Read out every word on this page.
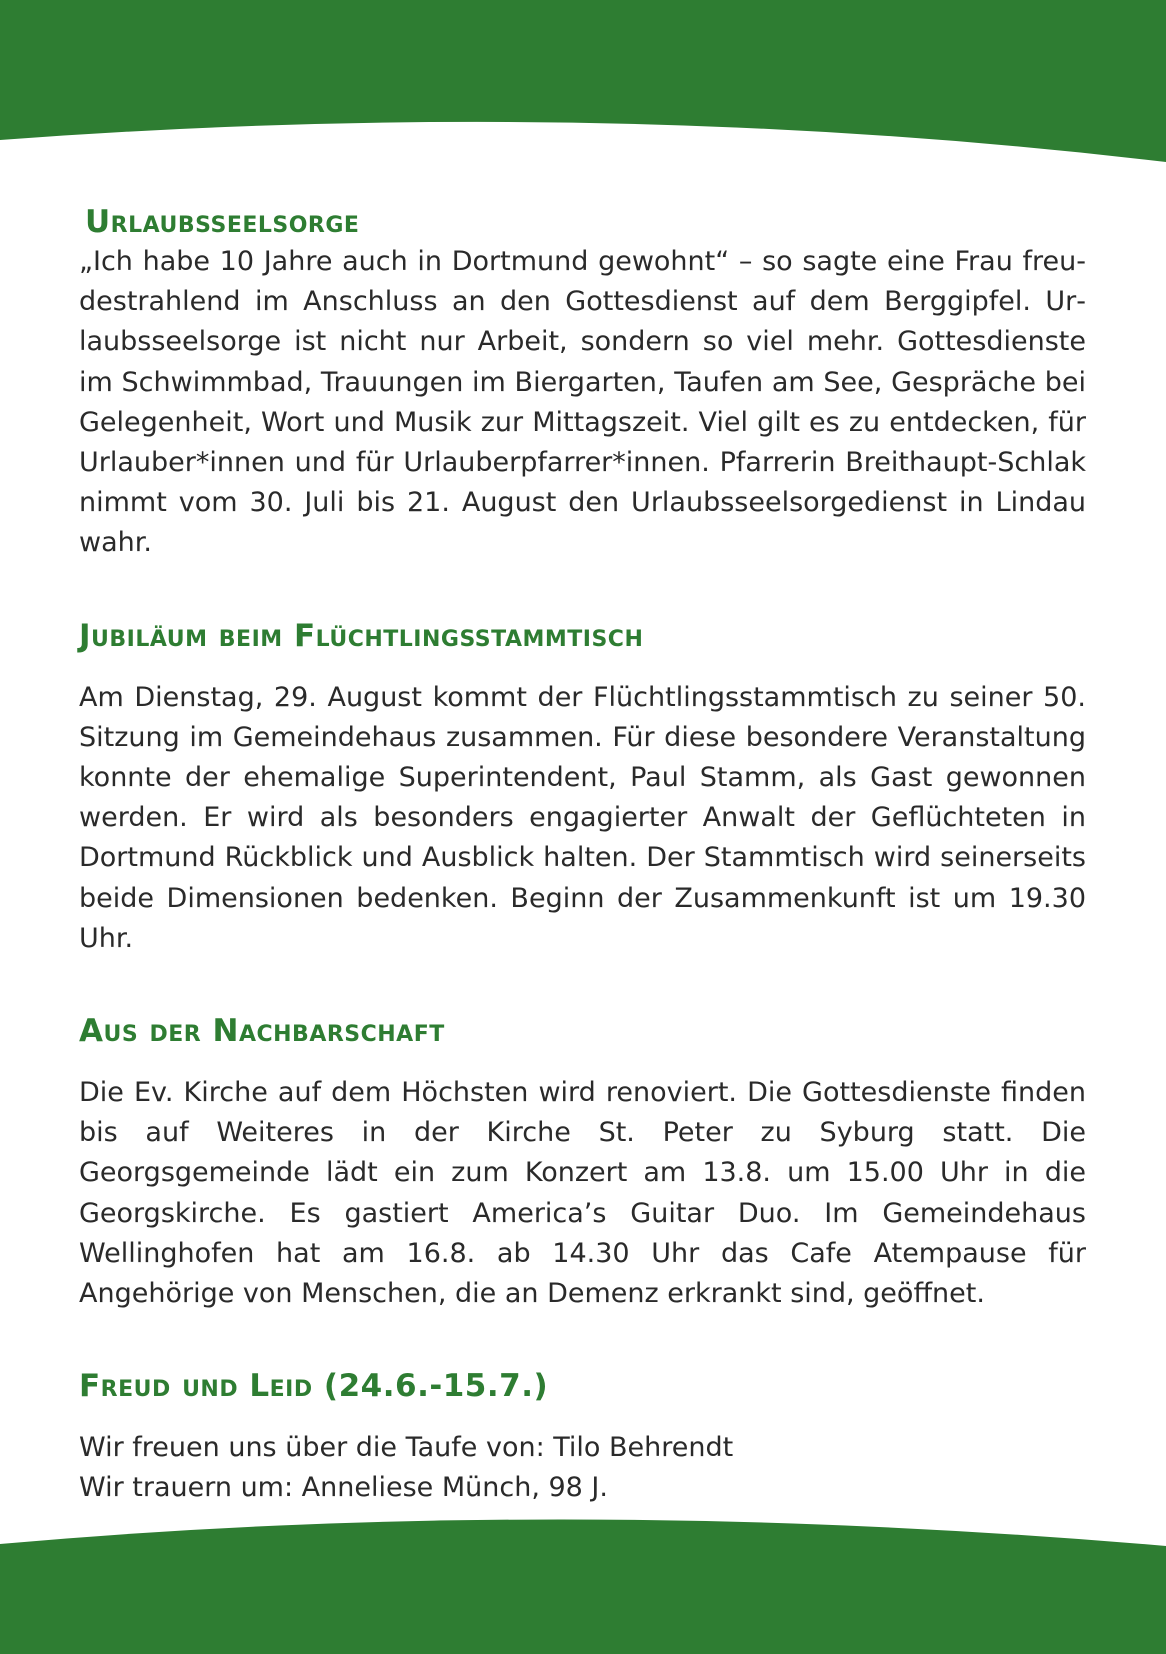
Urlaubsseelsorge

„Ich habe 10 Jahre auch in Dortmund gewohnt“ – so sagte eine Frau freudestrahlend im Anschluss an den Gottesdienst auf dem Berggipfel. Urlaubsseelsorge ist nicht nur Arbeit, sondern so viel mehr. Gottesdienste im Schwimmbad, Trauungen im Biergarten, Taufen am See, Gespräche bei Gelegenheit, Wort und Musik zur Mittagszeit. Viel gilt es zu entdecken, für Urlauber*innen und für Urlauberpfarrer*innen. Pfarrerin Breithaupt-Schlak nimmt vom 30. Juli bis 21. August den Urlaubsseelsorgedienst in Lindau wahr.

Jubiläum beim Flüchtlingsstammtisch

Am Dienstag, 29. August kommt der Flüchtlingsstammtisch zu seiner 50. Sitzung im Gemeindehaus zusammen. Für diese besondere Veranstaltung konnte der ehemalige Superintendent, Paul Stamm, als Gast gewonnen werden. Er wird als besonders engagierter Anwalt der Geflüchteten in Dortmund Rückblick und Ausblick halten. Der Stammtisch wird seinerseits beide Dimensionen bedenken. Beginn der Zusammenkunft ist um 19.30 Uhr.

Aus der Nachbarschaft

Die Ev. Kirche auf dem Höchsten wird renoviert. Die Gottesdienste finden bis auf Weiteres in der Kirche St. Peter zu Syburg statt. Die Georgsgemeinde lädt ein zum Konzert am 13.8. um 15.00 Uhr in die Georgskirche. Es gastiert America’s Guitar Duo. Im Gemeindehaus Wellinghofen hat am 16.8. ab 14.30 Uhr das Cafe Atempause für Angehörige von Menschen, die an Demenz erkrankt sind, geöffnet.

Freud und Leid (24.6.-15.7.)

Wir freuen uns über die Taufe von: Tilo Behrendt

Wir trauern um: Anneliese Münch, 98 J.
